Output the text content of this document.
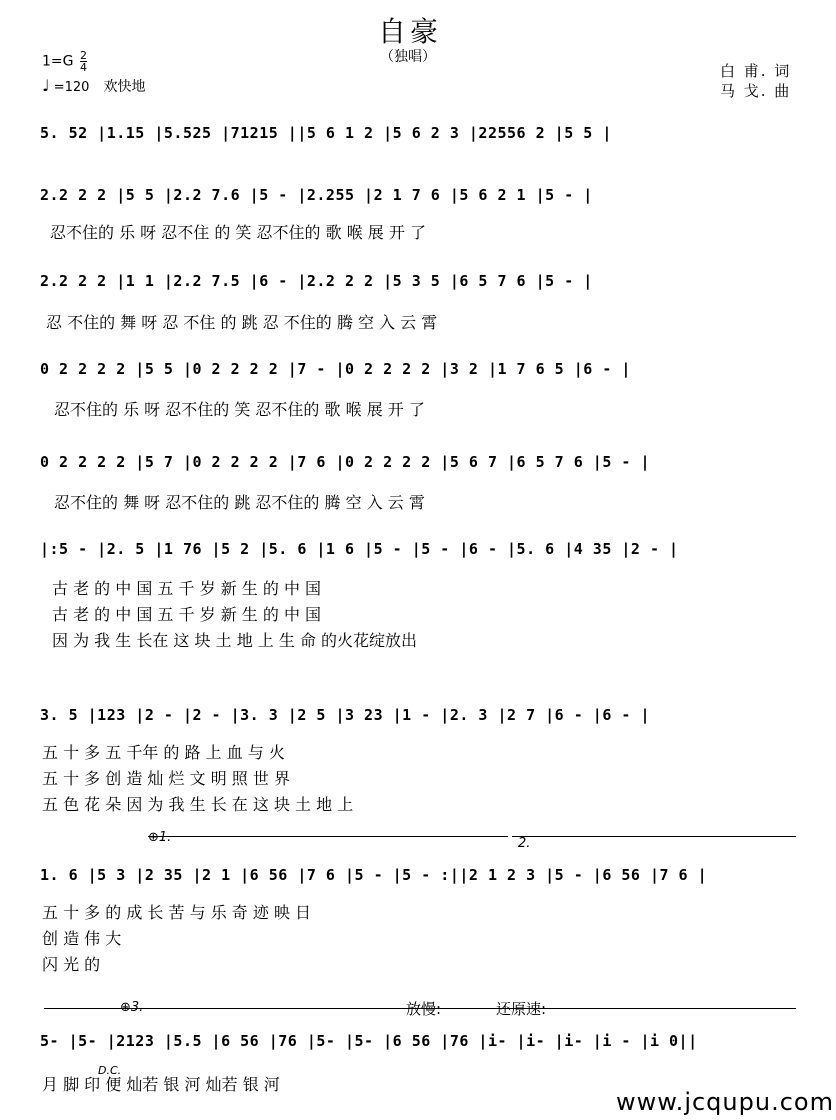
自豪
（独唱）
$1=G \frac{2}{4}$
♩ =120 欢快地
白 甫. 词
马 戈. 曲
5. 52 |1.15 |5.525 |71215 ||5 6 1 2 |5 6 2 3 |22556 2 |5 5 |
2.2 2 2 |5 5 |2.2 7.6 |5 - |2.255 |2 1 7 6 |5 6 2 1 |5 - |
忍不住的 乐 呀 忍不住 的 笑 忍不住的 歌 喉 展 开 了
2.2 2 2 |1 1 |2.2 7.5 |6 - |2.2 2 2 |5 3 5 |6 5 7 6 |5 - |
忍 不住的 舞 呀 忍 不住 的 跳 忍 不住的 腾 空 入 云 霄
0 2 2 2 2 |5 5 |0 2 2 2 2 |7 - |0 2 2 2 2 |3 2 |1 7 6 5 |6 - |
忍不住的 乐 呀 忍不住的 笑 忍不住的 歌 喉 展 开 了
0 2 2 2 2 |5 7 |0 2 2 2 2 |7 6 |0 2 2 2 2 |5 6 7 |6 5 7 6 |5 - |
忍不住的 舞 呀 忍不住的 跳 忍不住的 腾 空 入 云 霄
|:5 - |2. 5 |1 76 |5 2 |5. 6 |1 6 |5 - |5 - |6 - |5. 6 |4 35 |2 - |
古 老 的 中 国 五 千 岁 新 生 的 中 国
古 老 的 中 国 五 千 岁 新 生 的 中 国
因 为 我 生 长在 这 块 土 地 上 生 命 的火花绽放出
3. 5 |123 |2 - |2 - |3. 3 |2 5 |3 23 |1 - |2. 3 |2 7 |6 - |6 - |
五 十 多 五 千年 的 路 上 血 与 火
五 十 多 创 造 灿 烂 文 明 照 世 界
五 色 花 朵 因 为 我 生 长 在 这 块 土 地 上
⊕1.	2.
1. 6 |5 3 |2 35 |2 1 |6 56 |7 6 |5 - |5 - :||2 1 2 3 |5 - |6 56 |7 6 |
五 十 多 的 成 长 苦 与 乐 奇 迹 映 日
创 造 伟 大
闪 光 的
⊕3.	放慢:	还原速:
5- |5- |2123 |5.5 |6 56 |76 |5- |5- |6 56 |76 |i- |i- |i- |i - |i 0||
月 脚 印 便 灿若 银 河 灿若 银 河
D.C.
www.jcqupu.com
